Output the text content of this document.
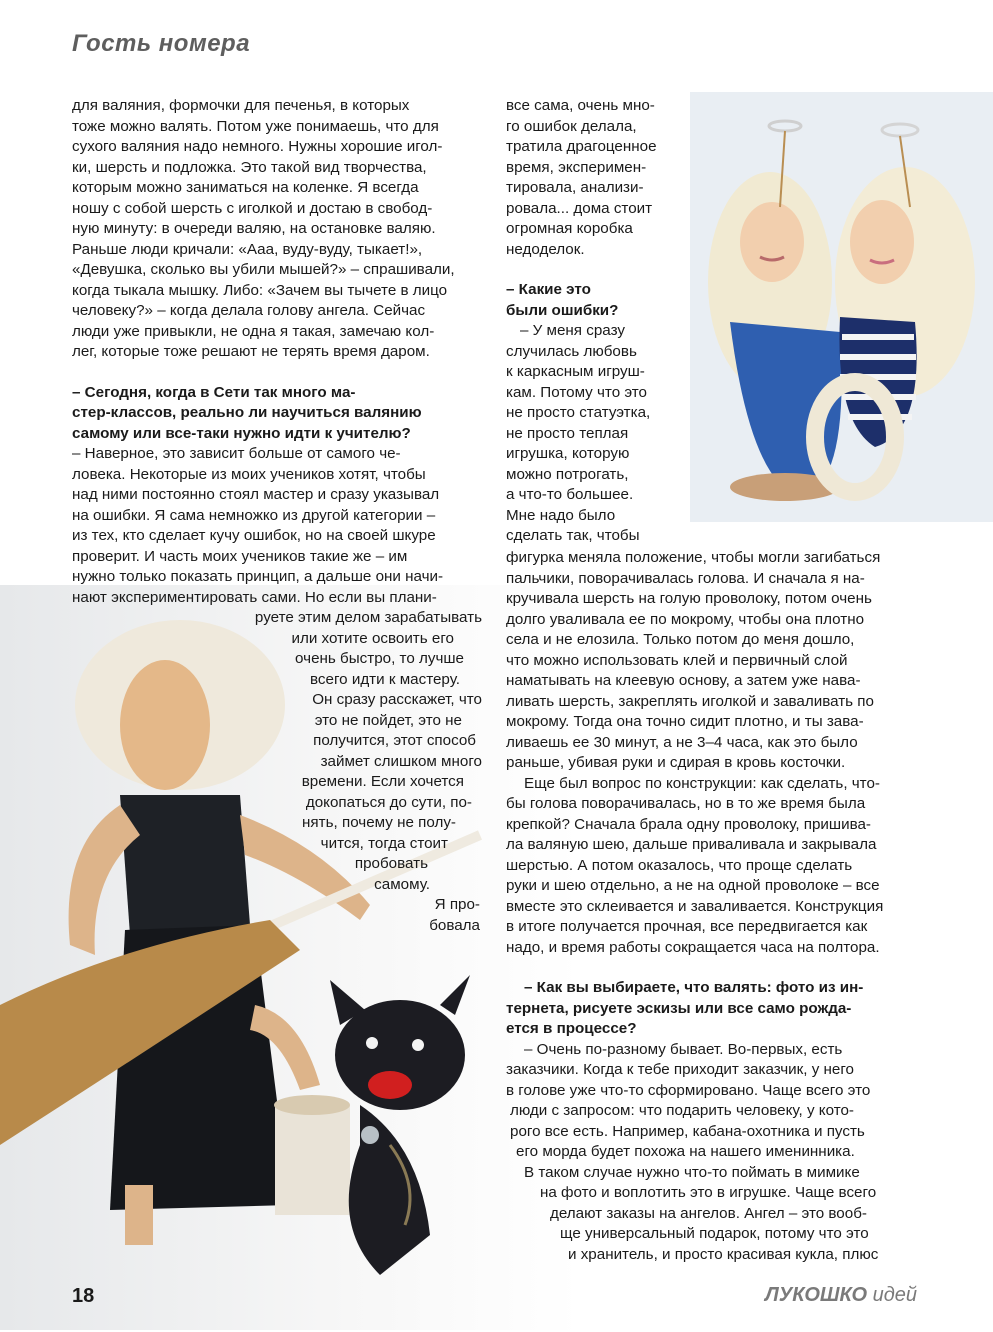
Гость номера

для валяния, формочки для печенья, в которых
тоже можно валять. Потом уже понимаешь, что для
сухого валяния надо немного. Нужны хорошие игол-
ки, шерсть и подложка. Это такой вид творчества,
которым можно заниматься на коленке. Я всегда
ношу с собой шерсть с иголкой и достаю в свобод-
ную минуту: в очереди валяю, на остановке валяю.
Раньше люди кричали: «Ааа, вуду-вуду, тыкает!»,
«Девушка, сколько вы убили мышей?» – спрашивали,
когда тыкала мышку. Либо: «Зачем вы тычете в лицо
человеку?» – когда делала голову ангела. Сейчас
люди уже привыкли, не одна я такая, замечаю кол-
лег, которые тоже решают не терять время даром.

– Сегодня, когда в Сети так много ма-
стер-классов, реально ли научиться валянию
самому или все-таки нужно идти к учителю?

– Наверное, это зависит больше от самого че-
ловека. Некоторые из моих учеников хотят, чтобы
над ними постоянно стоял мастер и сразу указывал
на ошибки. Я сама немножко из другой категории –
из тех, кто сделает кучу ошибок, но на своей шкуре
проверит. И часть моих учеников такие же – им
нужно только показать принцип, а дальше они начи-
нают экспериментировать сами. Но если вы плани-

руете этим делом зарабатывать
или хотите освоить его
очень быстро, то лучше
всего идти к мастеру.
Он сразу расскажет, что
это не пойдет, это не
получится, этот способ
займет слишком много
времени. Если хочется
докопаться до сути, по-
нять, почему не полу-
чится, тогда стоит
пробовать
самому.
Я про-
бовала

все сама, очень мно-
го ошибок делала,
тратила драгоценное
время, эксперимен-
тировала, анализи-
ровала... дома стоит
огромная коробка
недоделок.

– Какие это
были ошибки?

– У меня сразу
случилась любовь
к каркасным игруш-
кам. Потому что это
не просто статуэтка,
не просто теплая
игрушка, которую
можно потрогать,
а что-то большее.
Мне надо было
сделать так, чтобы

фигурка меняла положение, чтобы могли загибаться
пальчики, поворачивалась голова. И сначала я на-
кручивала шерсть на голую проволоку, потом очень
долго уваливала ее по мокрому, чтобы она плотно
села и не елозила. Только потом до меня дошло,
что можно использовать клей и первичный слой
наматывать на клеевую основу, а затем уже нава-
ливать шерсть, закреплять иголкой и заваливать по
мокрому. Тогда она точно сидит плотно, и ты зава-
ливаешь ее 30 минут, а не 3–4 часа, как это было
раньше, убивая руки и сдирая в кровь косточки.

Еще был вопрос по конструкции: как сделать, что-
бы голова поворачивалась, но в то же время была
крепкой? Сначала брала одну проволоку, пришива-
ла валяную шею, дальше приваливала и закрывала
шерстью. А потом оказалось, что проще сделать
руки и шею отдельно, а не на одной проволоке – все
вместе это склеивается и заваливается. Конструкция
в итоге получается прочная, все передвигается как
надо, и время работы сокращается часа на полтора.

– Как вы выбираете, что валять: фото из ин-
тернета, рисуете эскизы или все само рожда-
ется в процессе?

– Очень по-разному бывает. Во-первых, есть
заказчики. Когда к тебе приходит заказчик, у него
в голове уже что-то сформировано. Чаще всего это
люди с запросом: что подарить человеку, у кото-
рого все есть. Например, кабана-охотника и пусть
его морда будет похожа на нашего именинника.
В таком случае нужно что-то поймать в мимике
на фото и воплотить это в игрушке. Чаще всего
делают заказы на ангелов. Ангел – это вооб-
ще универсальный подарок, потому что это
и хранитель, и просто красивая кукла, плюс

18	ЛУКОШКО идей
